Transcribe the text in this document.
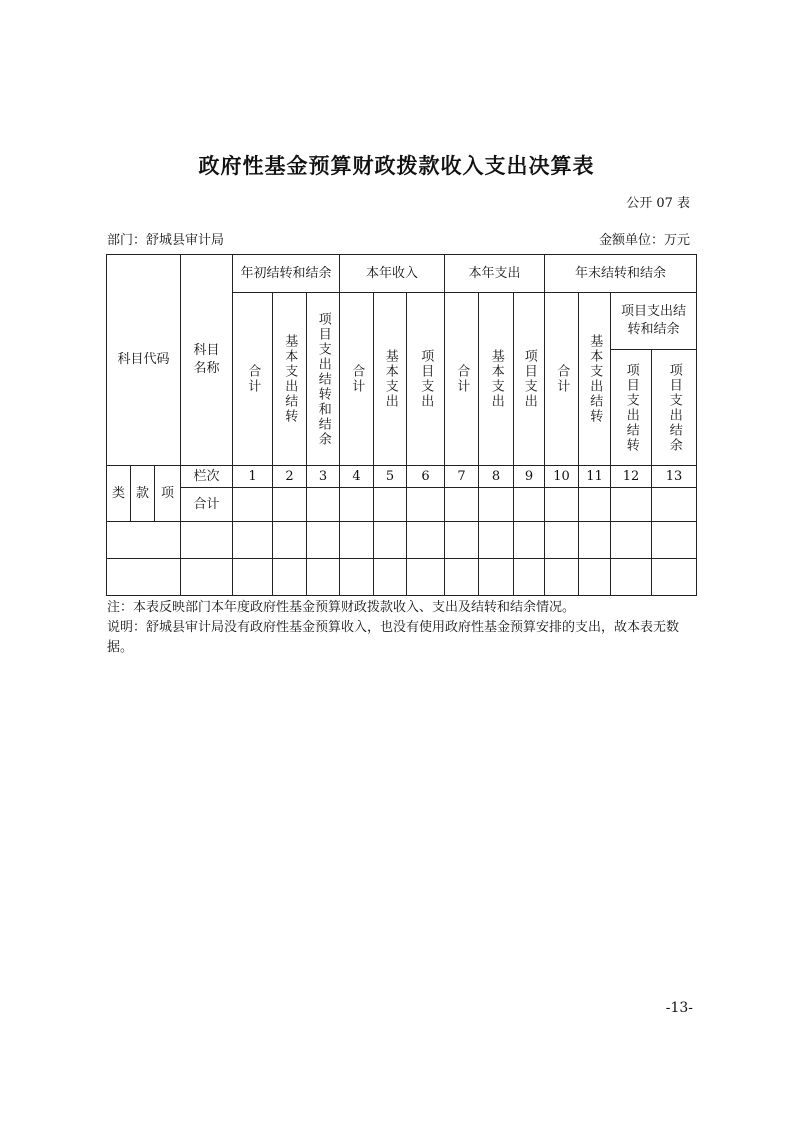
政府性基金预算财政拨款收入支出决算表
公开 07 表
部门：舒城县审计局	金额单位：万元
科目代码			科目名称	年初结转和结余			本年收入			本年支出			年末结转和结余			

				合计	基本支出结转	项目支出结转和结余	合计	基本支出	项目支出	合计	基本支出	项目支出	合计	基本支出结转	项目支出结转和结余	

															项目支出结转	项目支出结余

类	款	项	栏次	1	2	3	4	5	6	7	8	9	10	11	12	13
			合计													

注：本表反映部门本年度政府性基金预算财政拨款收入、支出及结转和结余情况。
说明：舒城县审计局没有政府性基金预算收入，也没有使用政府性基金预算安排的支出，故本表无数据。
-13-
